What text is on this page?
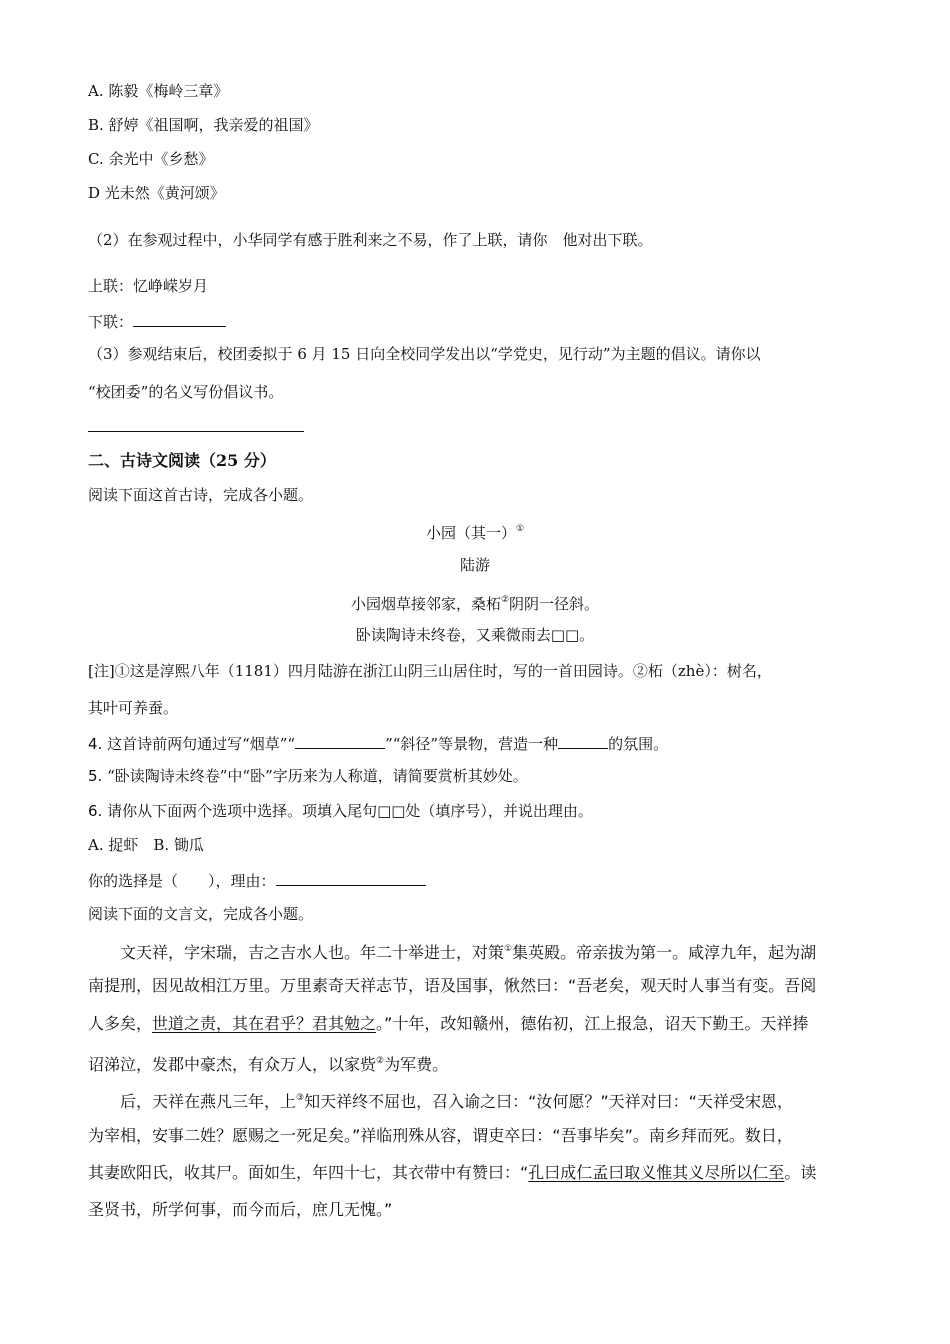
A. 陈毅《梅岭三章》
B. 舒婷《祖国啊，我亲爱的祖国》
C. 余光中《乡愁》
D 光未然《黄河颂》
（2）在参观过程中，小华同学有感于胜利来之不易，作了上联，请你　他对出下联。
上联：忆峥嵘岁月
下联：
（3）参观结束后，校团委拟于 6 月 15 日向全校同学发出以“学党史，见行动”为主题的倡议。请你以
“校团委”的名义写份倡议书。
二、古诗文阅读（25 分）
阅读下面这首古诗，完成各小题。
小园（其一）①
陆游
小园烟草接邻家，桑柘②阴阴一径斜。
卧读陶诗未终卷，又乘微雨去□□。
[注]①这是淳熙八年（1181）四月陆游在浙江山阴三山居住时，写的一首田园诗。②柘（zhè）：树名，
其叶可养蚕。
4. 这首诗前两句通过写“烟草”“	”“斜径”等景物，营造一种	的氛围。
5. “卧读陶诗未终卷”中“卧”字历来为人称道，请简要赏析其妙处。
6. 请你从下面两个选项中选择。项填入尾句□□处（填序号），并说出理由。
A. 捉虾　B. 锄瓜
你的选择是（　　），理由：
阅读下面的文言文，完成各小题。
文天祥，字宋瑞，吉之吉水人也。年二十举进士，对策①集英殿。帝亲拔为第一。咸淳九年，起为湖
南提刑，因见故相江万里。万里素奇天祥志节，语及国事，愀然曰：“吾老矣，观天时人事当有变。吾阅
人多矣，世道之责，其在君乎？君其勉之。”十年，改知赣州，德佑初，江上报急，诏天下勤王。天祥捧
诏涕泣，发郡中豪杰，有众万人，以家赀②为军费。
后，天祥在燕凡三年，上③知天祥终不屈也，召入谕之曰：“汝何愿？”天祥对曰：“天祥受宋恩，
为宰相，安事二姓？愿赐之一死足矣。”祥临刑殊从容，谓吏卒曰：“吾事毕矣”。南乡拜而死。数日，
其妻欧阳氏，收其尸。面如生，年四十七，其衣带中有赞曰：“孔曰成仁孟曰取义惟其义尽所以仁至。读
圣贤书，所学何事，而今而后，庶几无愧。”
